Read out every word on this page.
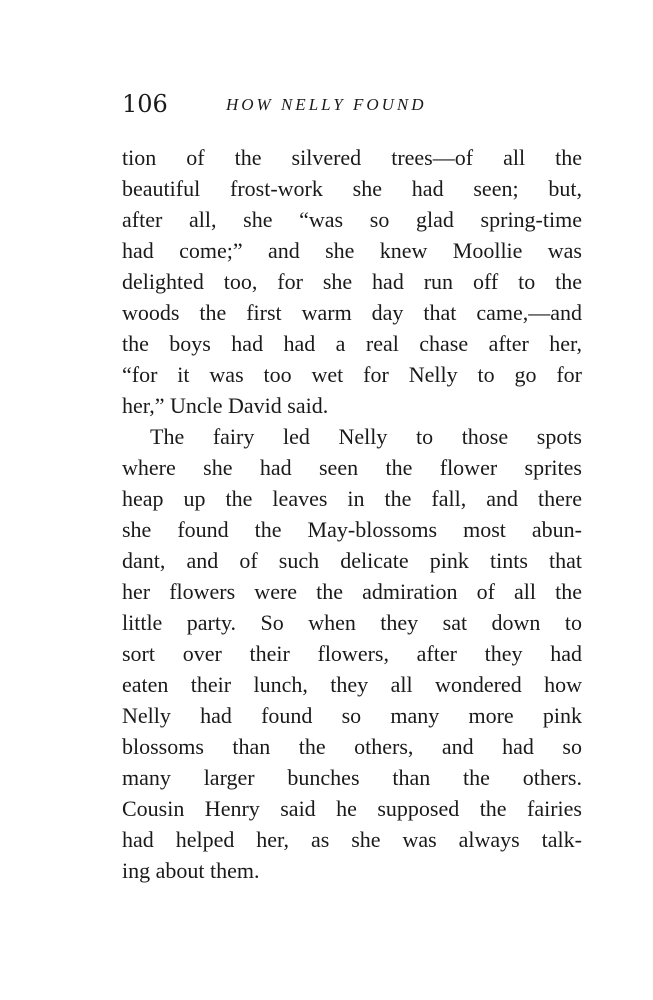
106	HOW NELLY FOUND
tion of the silvered trees—of all the
beautiful frost-work she had seen; but,
after all, she “was so glad spring-time
had come;” and she knew Moollie was
delighted too, for she had run off to the
woods the first warm day that came,—and
the boys had had a real chase after her,
“for it was too wet for Nelly to go for
her,” Uncle David said.
The fairy led Nelly to those spots
where she had seen the flower sprites
heap up the leaves in the fall, and there
she found the May-blossoms most abun-
dant, and of such delicate pink tints that
her flowers were the admiration of all the
little party. So when they sat down to
sort over their flowers, after they had
eaten their lunch, they all wondered how
Nelly had found so many more pink
blossoms than the others, and had so
many larger bunches than the others.
Cousin Henry said he supposed the fairies
had helped her, as she was always talk-
ing about them.
